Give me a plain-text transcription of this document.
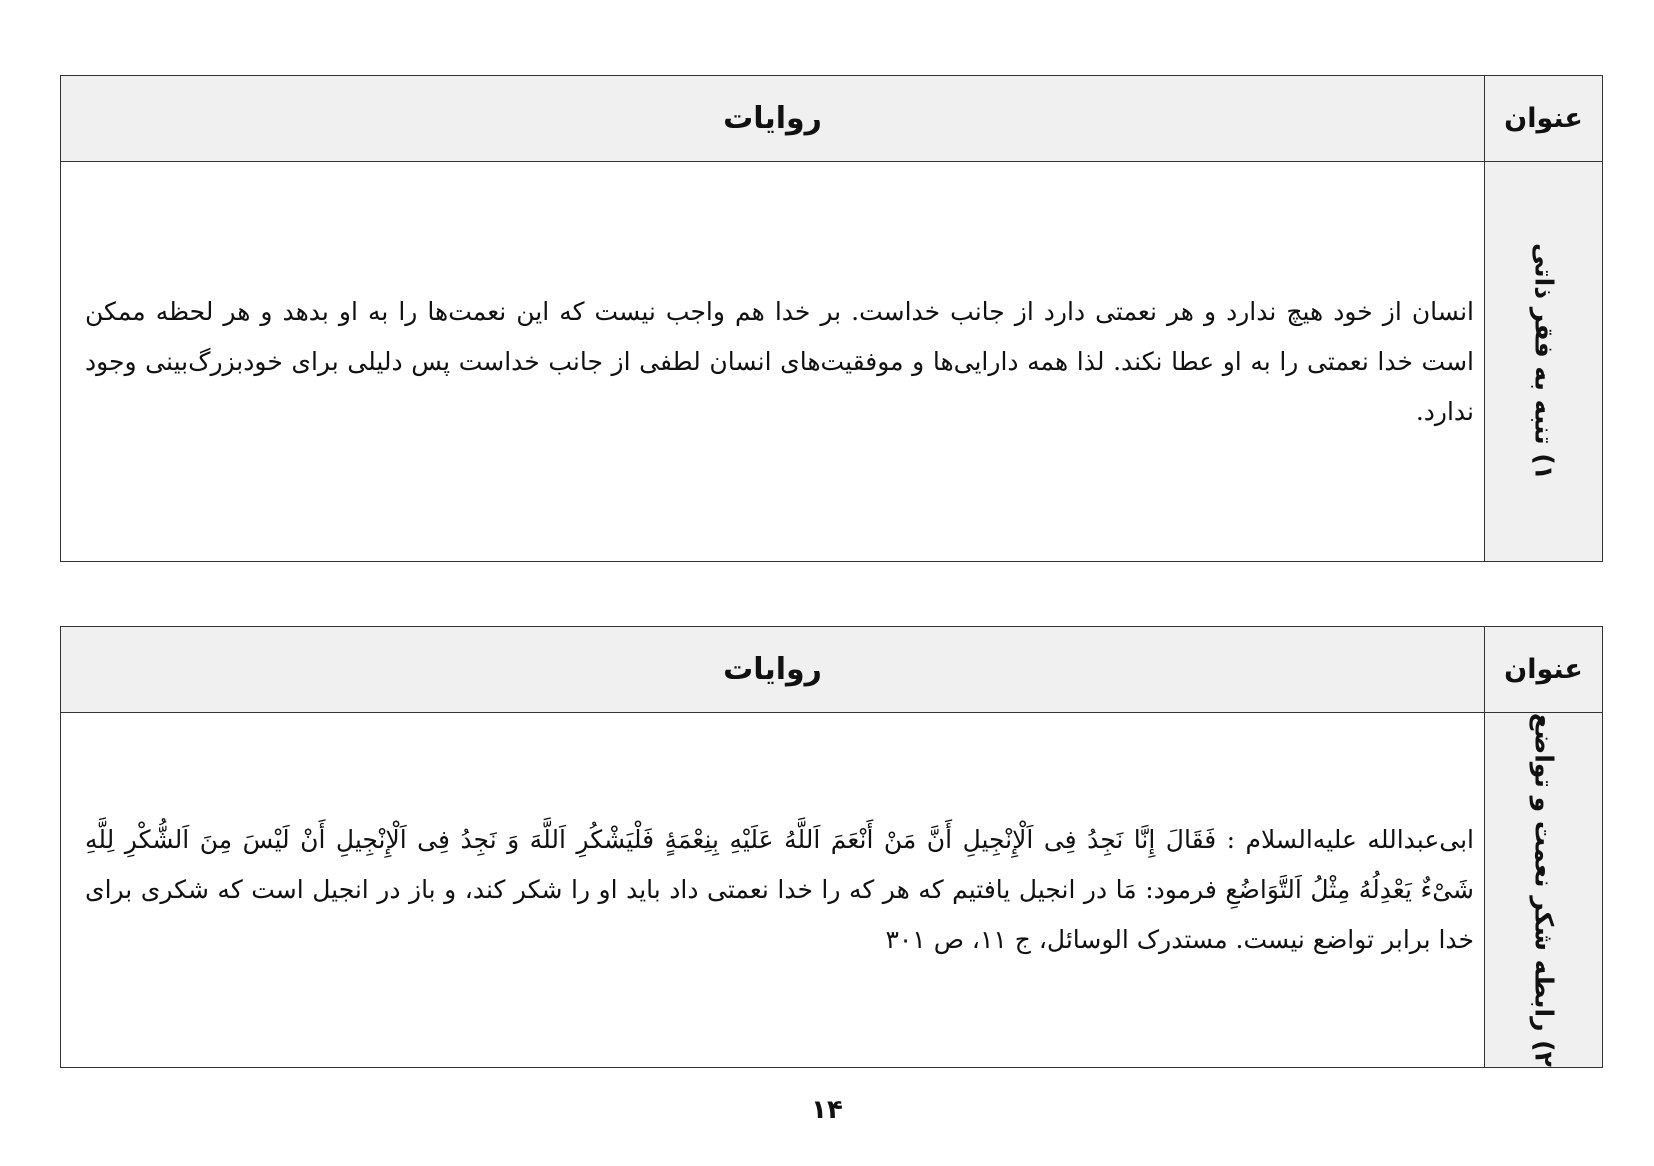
عنوان
روایات
۱) تنبه به فقر ذاتی

انسان از خود هیچ ندارد و هر نعمتی دارد از جانب خداست. بر خدا هم واجب نیست که این نعمت‌ها را به او بدهد و هر لحظه ممکن است خدا نعمتی را به او عطا نکند. لذا همه دارایی‌ها و موفقیت‌های انسان لطفی از جانب خداست پس دلیلی برای خودبزرگ‌بینی وجود ندارد.

عنوان
روایات
۲) رابطه شکر نعمت و تواضع

ابی‌عبدالله عليه‌السلام : فَقَالَ إِنَّا نَجِدُ فِی اَلْإِنْجِیلِ أَنَّ مَنْ أَنْعَمَ اَللَّهُ عَلَیْهِ بِنِعْمَهٍٔ فَلْیَشْکُرِ اَللَّهَ وَ نَجِدُ فِی اَلْإِنْجِیلِ أَنْ لَیْسَ مِنَ اَلشُّکْرِ لِلَّهِ شَیْءٌ یَعْدِلُهُ مِثْلُ اَلتَّوَاضُعِ فرمود: مَا در انجیل یافتیم که هر که را خدا نعمتی داد باید او را شکر کند، و باز در انجیل است که شکری برای خدا برابر تواضع نیست. مستدرک الوسائل، ج ۱۱، ص ۳۰۱

۱۴
